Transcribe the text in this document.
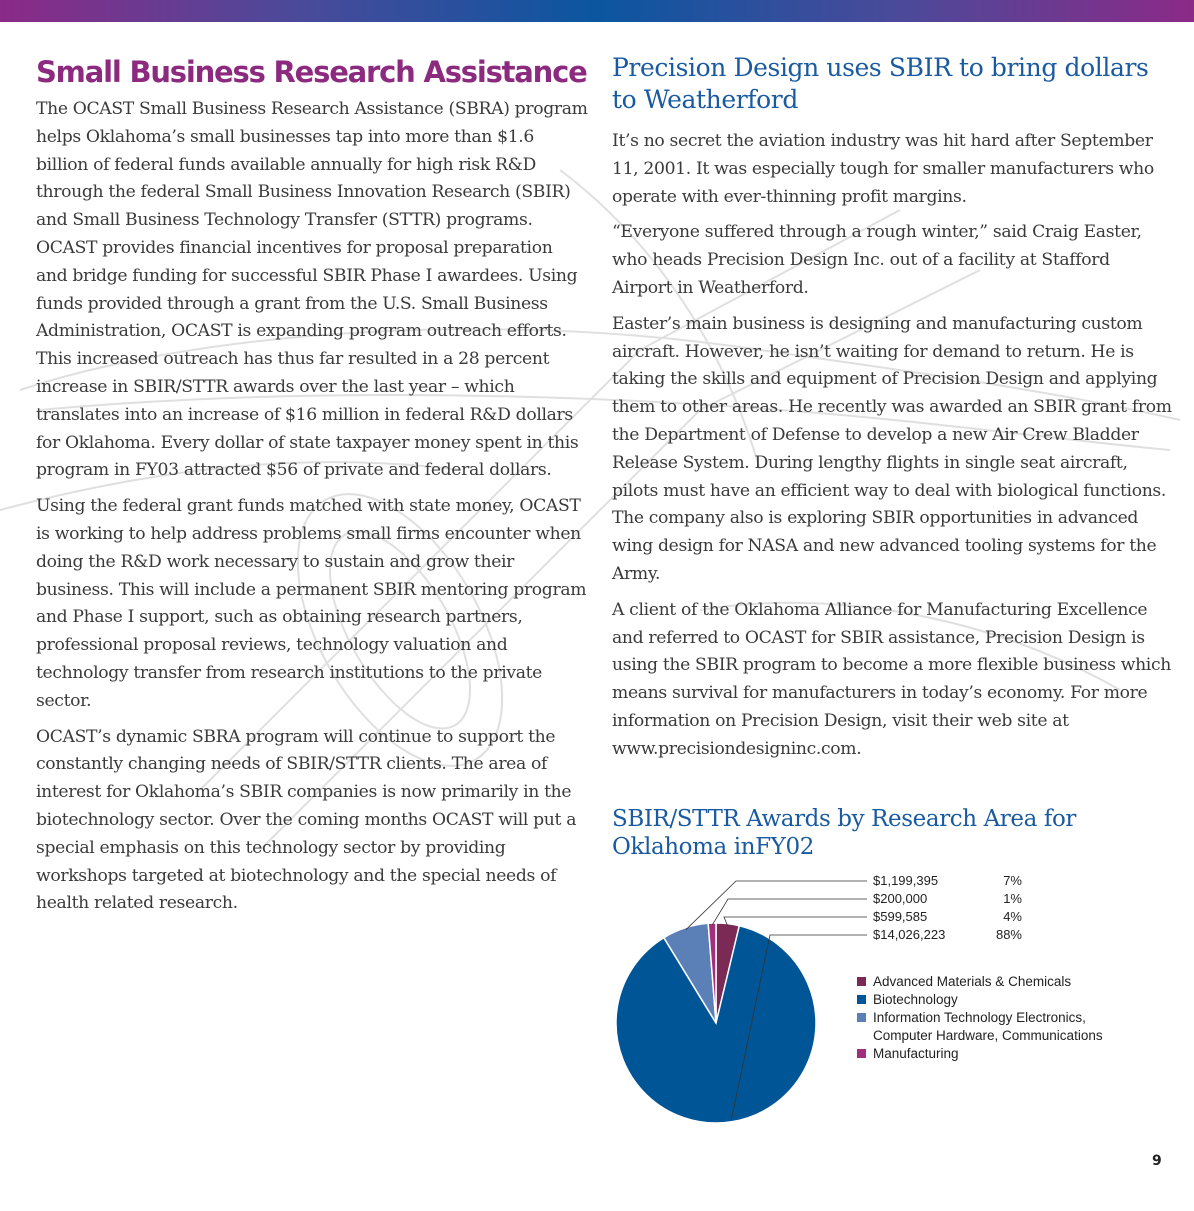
Small Business Research Assistance

The OCAST Small Business Research Assistance (SBRA) program helps Oklahoma’s small businesses tap into more than $1.6 billion of federal funds available annually for high risk R&D through the federal Small Business Innovation Research (SBIR) and Small Business Technology Transfer (STTR) programs. OCAST provides financial incentives for proposal preparation and bridge funding for successful SBIR Phase I awardees. Using funds provided through a grant from the U.S. Small Business Administration, OCAST is expanding program outreach efforts. This increased outreach has thus far resulted in a 28 percent increase in SBIR/STTR awards over the last year – which translates into an increase of $16 million in federal R&D dollars for Oklahoma. Every dollar of state taxpayer money spent in this program in FY03 attracted $56 of private and federal dollars.

Using the federal grant funds matched with state money, OCAST is working to help address problems small firms encounter when doing the R&D work necessary to sustain and grow their business. This will include a permanent SBIR mentoring program and Phase I support, such as obtaining research partners, professional proposal reviews, technology valuation and technology transfer from research institutions to the private sector.

OCAST’s dynamic SBRA program will continue to support the constantly changing needs of SBIR/STTR clients. The area of interest for Oklahoma’s SBIR companies is now primarily in the biotechnology sector. Over the coming months OCAST will put a special emphasis on this technology sector by providing workshops targeted at biotechnology and the special needs of health related research.

Precision Design uses SBIR to bring dollars to Weatherford

It’s no secret the aviation industry was hit hard after September 11, 2001. It was especially tough for smaller manufacturers who operate with ever-thinning profit margins.

“Everyone suffered through a rough winter,” said Craig Easter, who heads Precision Design Inc. out of a facility at Stafford Airport in Weatherford.

Easter’s main business is designing and manufacturing custom aircraft. However, he isn’t waiting for demand to return. He is taking the skills and equipment of Precision Design and applying them to other areas. He recently was awarded an SBIR grant from the Department of Defense to develop a new Air Crew Bladder Release System. During lengthy flights in single seat aircraft, pilots must have an efficient way to deal with biological functions. The company also is exploring SBIR opportunities in advanced wing design for NASA and new advanced tooling systems for the Army.

A client of the Oklahoma Alliance for Manufacturing Excellence and referred to OCAST for SBIR assistance, Precision Design is using the SBIR program to become a more flexible business which means survival for manufacturers in today’s economy. For more information on Precision Design, visit their web site at www.precisiondesigninc.com.

SBIR/STTR Awards by Research Area for Oklahoma inFY02
$1,199,395	7%
$200,000	1%
$599,585	4%
$14,026,223	88%
Advanced Materials & Chemicals
Biotechnology
Information Technology Electronics,
Computer Hardware, Communications
Manufacturing
9
